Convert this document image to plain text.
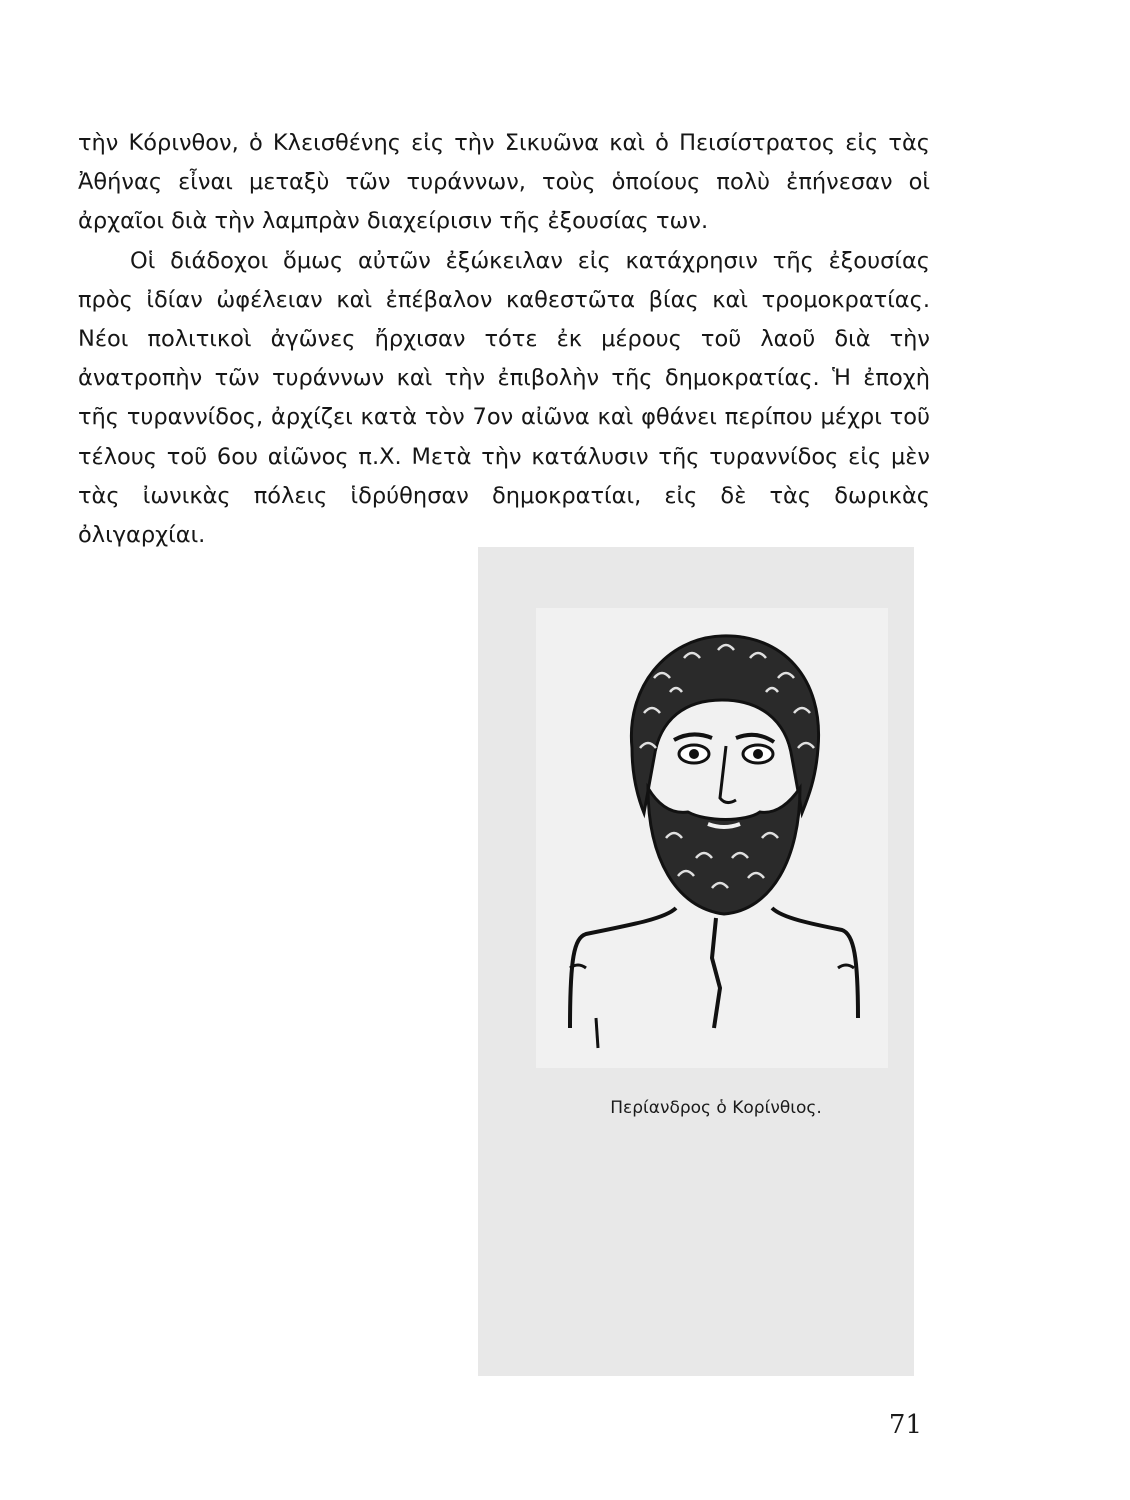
τὴν Κόρινθον, ὁ Κλεισθένης εἰς τὴν Σικυῶνα καὶ ὁ Πεισίστρατος εἰς τὰς Ἀθήνας εἶναι μεταξὺ τῶν τυράννων, τοὺς ὁποίους πολὺ ἐπήνεσαν οἱ ἀρχαῖοι διὰ τὴν λαμπρὰν διαχείρισιν τῆς ἐξουσίας των.

Οἱ διάδοχοι ὅμως αὐτῶν ἐξώκειλαν εἰς κατάχρησιν τῆς ἐξουσίας πρὸς ἰδίαν ὠφέλειαν καὶ ἐπέβαλον καθεστῶτα βίας καὶ τρομοκρατίας. Νέοι πολιτικοὶ ἀγῶνες ἤρχισαν τότε ἐκ μέρους τοῦ λαοῦ διὰ τὴν ἀνατροπὴν τῶν τυράννων καὶ τὴν ἐπιβολὴν τῆς δημοκρατίας. Ἡ ἐποχὴ τῆς τυραννίδος, ἀρχίζει κατὰ τὸν 7ον αἰῶνα καὶ φθάνει περίπου μέχρι τοῦ τέλους τοῦ 6ου αἰῶνος π.Χ. Μετὰ τὴν κατάλυσιν τῆς τυραννίδος εἰς μὲν τὰς ἰωνικὰς πόλεις ἱδρύθησαν δημοκρατίαι, εἰς δὲ τὰς δωρικὰς ὀλιγαρχίαι.

Περίανδρος ὁ Κορίνθιος.
71
